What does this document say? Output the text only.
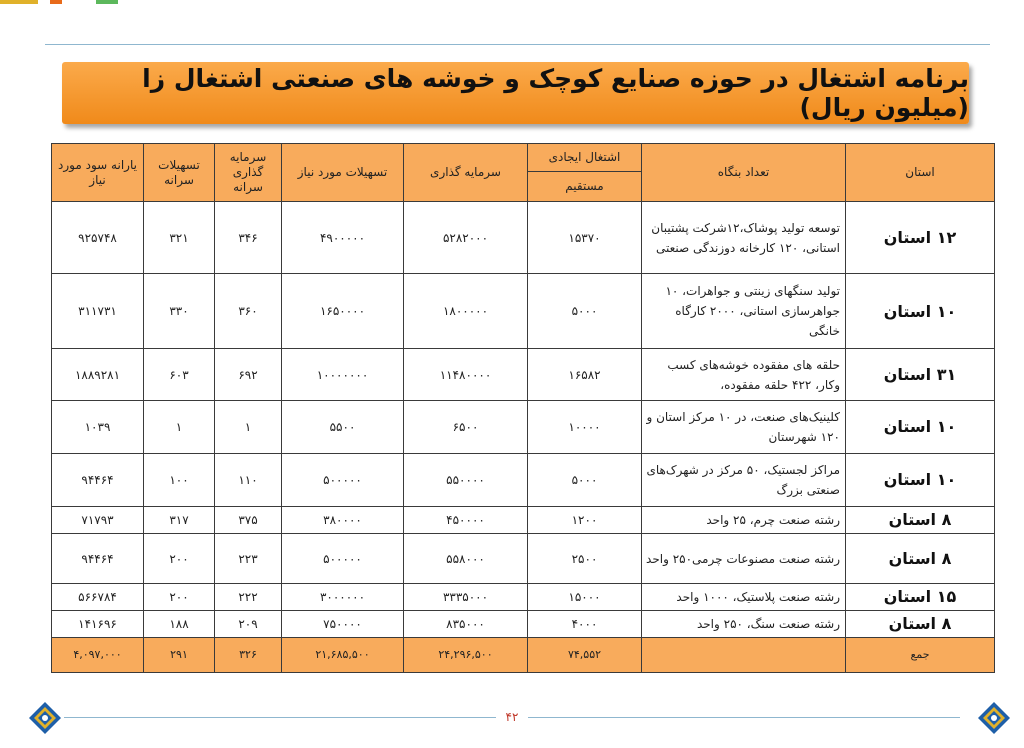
برنامه اشتغال در حوزه صنایع کوچک و خوشه های صنعتی اشتغال زا (میلیون ریال)
استان	تعداد بنگاه	اشتغال ایجادی	سرمایه گذاری	تسهیلات مورد نیاز	سرمایه گذاری سرانه	تسهیلات سرانه	یارانه سود مورد نیاز
		مستقیم					
۱۲ استان	توسعه تولید پوشاک،۱۲شرکت پشتیبان استانی، ۱۲۰ کارخانه دوزندگی صنعتی	۱۵۳۷۰	۵۲۸۲۰۰۰	۴۹۰۰۰۰۰	۳۴۶	۳۲۱	۹۲۵۷۴۸
۱۰ استان	تولید سنگهای زینتی و جواهرات، ۱۰ جواهرسازی استانی، ۲۰۰۰ کارگاه خانگی	۵۰۰۰	۱۸۰۰۰۰۰	۱۶۵۰۰۰۰	۳۶۰	۳۳۰	۳۱۱۷۳۱
۳۱ استان	حلقه های مفقوده خوشه‌های کسب وکار، ۴۲۲ حلقه مفقوده،	۱۶۵۸۲	۱۱۴۸۰۰۰۰	۱۰۰۰۰۰۰۰	۶۹۲	۶۰۳	۱۸۸۹۲۸۱
۱۰ استان	کلینیک‌های صنعت، در ۱۰ مرکز استان و ۱۲۰ شهرستان	۱۰۰۰۰	۶۵۰۰	۵۵۰۰	۱	۱	۱۰۳۹
۱۰ استان	مراکز لجستیک، ۵۰ مرکز در شهرک‌های صنعتی بزرگ	۵۰۰۰	۵۵۰۰۰۰	۵۰۰۰۰۰	۱۱۰	۱۰۰	۹۴۴۶۴
۸ استان	رشته صنعت چرم، ۲۵ واحد	۱۲۰۰	۴۵۰۰۰۰	۳۸۰۰۰۰	۳۷۵	۳۱۷	۷۱۷۹۳
۸ استان	رشته صنعت مصنوعات چرمی۲۵۰ واحد	۲۵۰۰	۵۵۸۰۰۰	۵۰۰۰۰۰	۲۲۳	۲۰۰	۹۴۴۶۴
۱۵ استان	رشته صنعت پلاستیک، ۱۰۰۰ واحد	۱۵۰۰۰	۳۳۳۵۰۰۰	۳۰۰۰۰۰۰	۲۲۲	۲۰۰	۵۶۶۷۸۴
۸ استان	رشته صنعت سنگ، ۲۵۰ واحد	۴۰۰۰	۸۳۵۰۰۰	۷۵۰۰۰۰	۲۰۹	۱۸۸	۱۴۱۶۹۶
جمع		۷۴,۵۵۲	۲۴,۲۹۶,۵۰۰	۲۱,۶۸۵,۵۰۰	۳۲۶	۲۹۱	۴,۰۹۷,۰۰۰
۴۲
